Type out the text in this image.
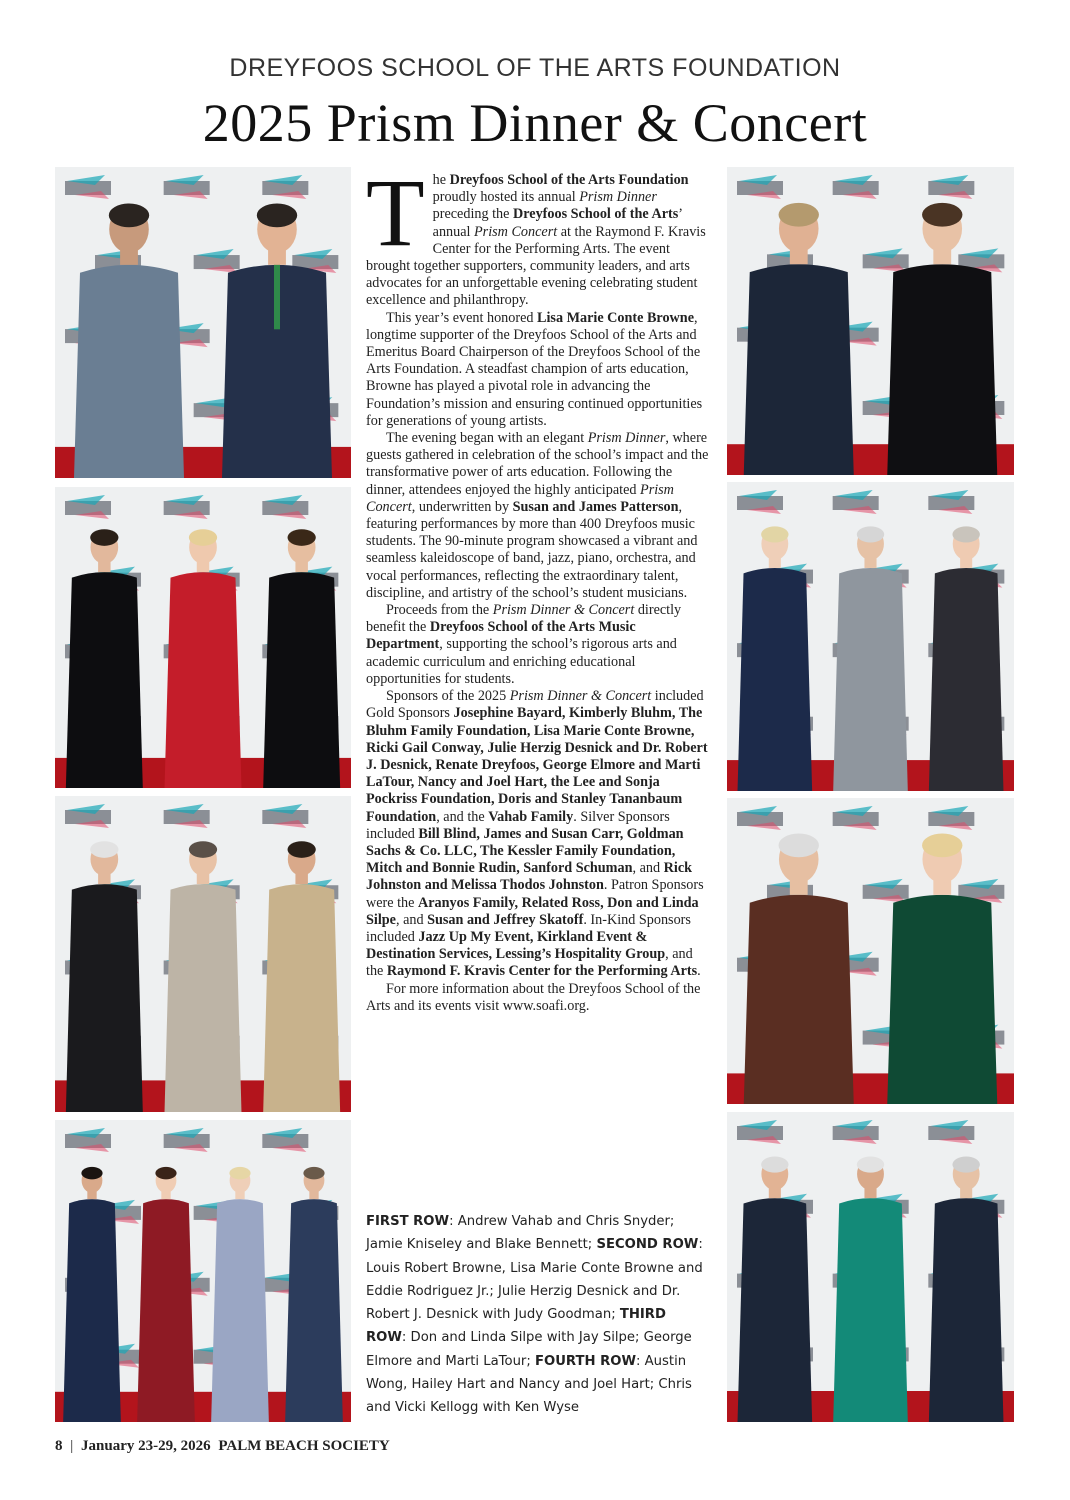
DREYFOOS SCHOOL OF THE ARTS FOUNDATION
2025 Prism Dinner & Concert

The Dreyfoos School of the Arts Foundation proudly hosted its annual Prism Dinner preceding the Dreyfoos School of the Arts’ annual Prism Concert at the Raymond F. Kravis Center for the Performing Arts. The event brought together supporters, community leaders, and arts advocates for an unforgettable evening celebrating student excellence and philanthropy.

This year’s event honored Lisa Marie Conte Browne, longtime supporter of the Dreyfoos School of the Arts and Emeritus Board Chairperson of the Dreyfoos School of the Arts Foundation. A steadfast champion of arts education, Browne has played a pivotal role in advancing the Foundation’s mission and ensuring continued opportunities for generations of young artists.

The evening began with an elegant Prism Dinner, where guests gathered in celebration of the school’s impact and the transformative power of arts education. Following the dinner, attendees enjoyed the highly anticipated Prism Concert, underwritten by Susan and James Patterson, featuring performances by more than 400 Dreyfoos music students. The 90-minute program showcased a vibrant and seamless kaleidoscope of band, jazz, piano, orchestra, and vocal performances, reflecting the extraordinary talent, discipline, and artistry of the school’s student musicians.

Proceeds from the Prism Dinner & Concert directly benefit the Dreyfoos School of the Arts Music Department, supporting the school’s rigorous arts and academic curriculum and enriching educational opportunities for students.

Sponsors of the 2025 Prism Dinner & Concert included Gold Sponsors Josephine Bayard, Kimberly Bluhm, The Bluhm Family Foundation, Lisa Marie Conte Browne, Ricki Gail Conway, Julie Herzig Desnick and Dr. Robert J. Desnick, Renate Dreyfoos, George Elmore and Marti LaTour, Nancy and Joel Hart, the Lee and Sonja Pockriss Foundation, Doris and Stanley Tananbaum Foundation, and the Vahab Family. Silver Sponsors included Bill Blind, James and Susan Carr, Goldman Sachs & Co. LLC, The Kessler Family Foundation, Mitch and Bonnie Rudin, Sanford Schuman, and Rick Johnston and Melissa Thodos Johnston. Patron Sponsors were the Aranyos Family, Related Ross, Don and Linda Silpe, and Susan and Jeffrey Skatoff. In-Kind Sponsors included Jazz Up My Event, Kirkland Event & Destination Services, Lessing’s Hospitality Group, and the Raymond F. Kravis Center for the Performing Arts.

For more information about the Dreyfoos School of the Arts and its events visit www.soafi.org.

FIRST ROW: Andrew Vahab and Chris Snyder; Jamie Kniseley and Blake Bennett; SECOND ROW: Louis Robert Browne, Lisa Marie Conte Browne and Eddie Rodriguez Jr.; Julie Herzig Desnick and Dr. Robert J. Desnick with Judy Goodman; THIRD ROW: Don and Linda Silpe with Jay Silpe; George Elmore and Marti LaTour; FOURTH ROW: Austin Wong, Hailey Hart and Nancy and Joel Hart; Chris and Vicki Kellogg with Ken Wyse
8 | January 23-29, 2026 PALM BEACH SOCIETY
